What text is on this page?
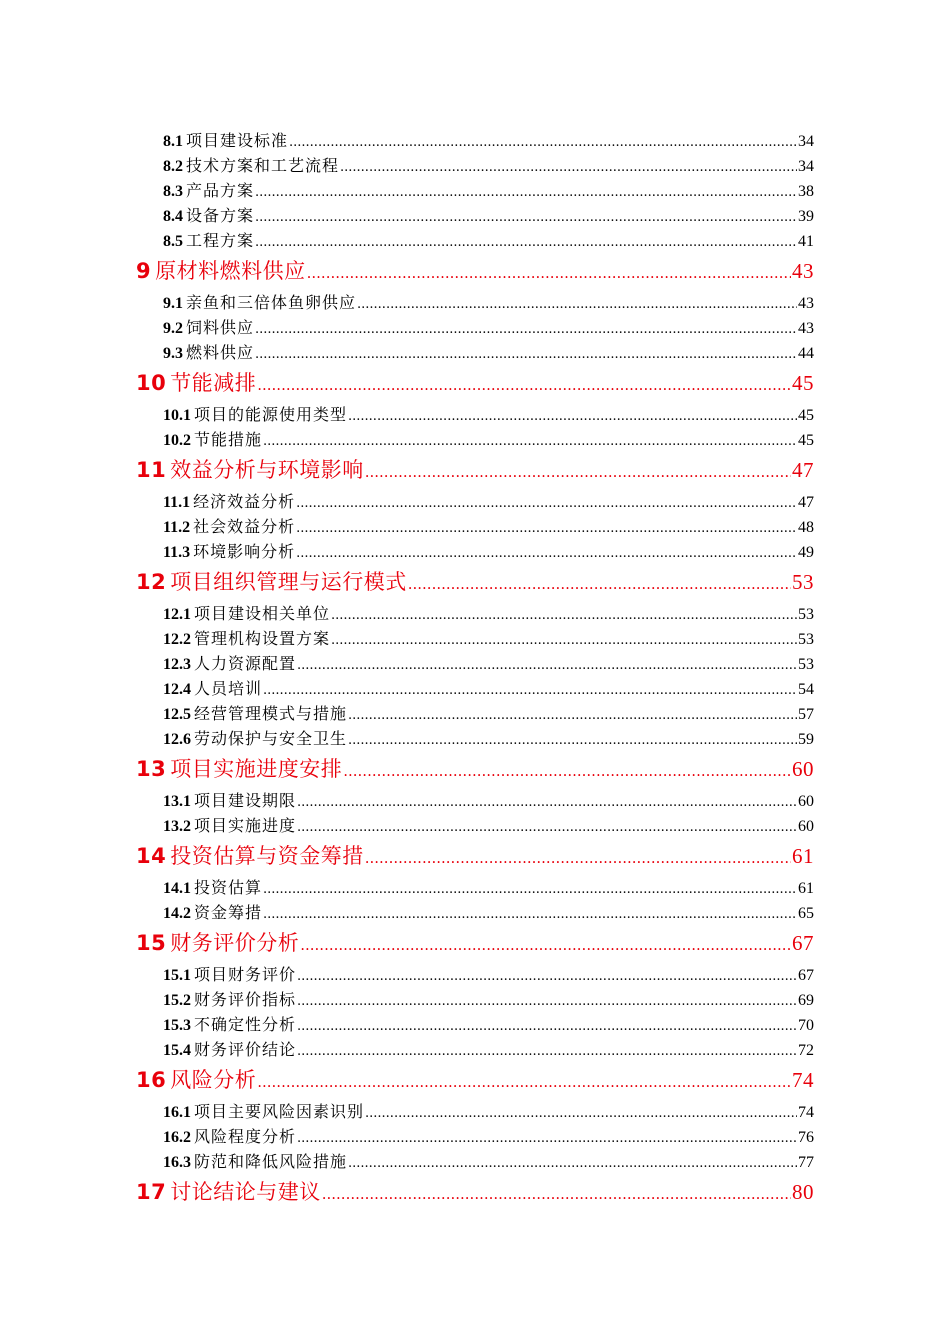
8.1 项目建设标准 .....	34
8.2 技术方案和工艺流程 .....	34
8.3 产品方案 .....	38
8.4 设备方案 .....	39
8.5 工程方案 .....	41
9 原材料燃料供应 .....	43
9.1 亲鱼和三倍体鱼卵供应 .....	43
9.2 饲料供应 .....	43
9.3 燃料供应 .....	44
10 节能减排 .....	45
10.1 项目的能源使用类型 .....	45
10.2 节能措施 .....	45
11 效益分析与环境影响 .....	47
11.1 经济效益分析 .....	47
11.2 社会效益分析 .....	48
11.3 环境影响分析 .....	49
12 项目组织管理与运行模式 .....	53
12.1 项目建设相关单位 .....	53
12.2 管理机构设置方案 .....	53
12.3 人力资源配置 .....	53
12.4 人员培训 .....	54
12.5 经营管理模式与措施 .....	57
12.6 劳动保护与安全卫生 .....	59
13 项目实施进度安排 .....	60
13.1 项目建设期限 .....	60
13.2 项目实施进度 .....	60
14 投资估算与资金筹措 .....	61
14.1 投资估算 .....	61
14.2 资金筹措 .....	65
15 财务评价分析 .....	67
15.1 项目财务评价 .....	67
15.2 财务评价指标 .....	69
15.3 不确定性分析 .....	70
15.4 财务评价结论 .....	72
16 风险分析 .....	74
16.1 项目主要风险因素识别 .....	74
16.2 风险程度分析 .....	76
16.3 防范和降低风险措施 .....	77
17 讨论结论与建议 .....	80
